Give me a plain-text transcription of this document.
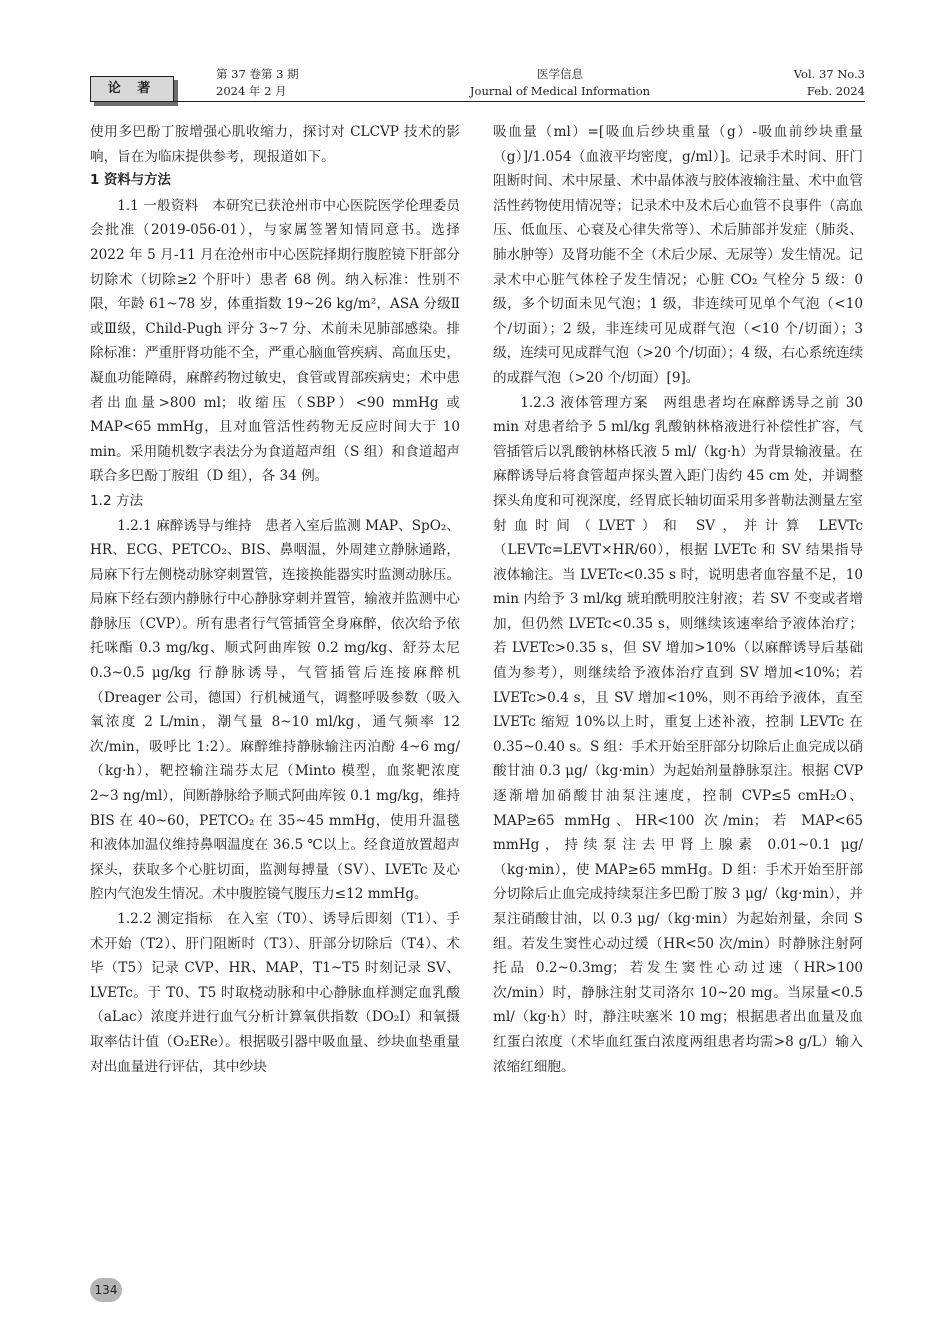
论 著
第 37 卷第 3 期
2024 年 2 月
医学信息
Journal of Medical Information
Vol. 37 No.3
Feb. 2024

使用多巴酚丁胺增强心肌收缩力，探讨对 CLCVP 技术的影响，旨在为临床提供参考，现报道如下。

1 资料与方法

1.1 一般资料　本研究已获沧州市中心医院医学伦理委员会批准（2019-056-01），与家属签署知情同意书。选择 2022 年 5 月-11 月在沧州市中心医院择期行腹腔镜下肝部分切除术（切除≥2 个肝叶）患者 68 例。纳入标准：性别不限，年龄 61~78 岁，体重指数 19~26 kg/m²，ASA 分级Ⅱ或Ⅲ级，Child-Pugh 评分 3~7 分、术前未见肺部感染。排除标准：严重肝肾功能不全，严重心脑血管疾病、高血压史，凝血功能障碍，麻醉药物过敏史，食管或胃部疾病史；术中患者出血量>800 ml；收缩压（SBP）<90 mmHg 或 MAP<65 mmHg，且对血管活性药物无反应时间大于 10 min。采用随机数字表法分为食道超声组（S 组）和食道超声联合多巴酚丁胺组（D 组），各 34 例。

1.2 方法

1.2.1 麻醉诱导与维持　患者入室后监测 MAP、SpO₂、HR、ECG、PETCO₂、BIS、鼻咽温，外周建立静脉通路，局麻下行左侧桡动脉穿刺置管，连接换能器实时监测动脉压。局麻下经右颈内静脉行中心静脉穿刺并置管，输液并监测中心静脉压（CVP）。所有患者行气管插管全身麻醉，依次给予依托咪酯 0.3 mg/kg、顺式阿曲库铵 0.2 mg/kg、舒芬太尼 0.3~0.5 μg/kg 行静脉诱导，气管插管后连接麻醉机（Dreager 公司，德国）行机械通气，调整呼吸参数（吸入氧浓度 2 L/min，潮气量 8~10 ml/kg，通气频率 12 次/min，吸呼比 1:2）。麻醉维持静脉输注丙泊酚 4~6 mg/（kg·h），靶控输注瑞芬太尼（Minto 模型，血浆靶浓度 2~3 ng/ml），间断静脉给予顺式阿曲库铵 0.1 mg/kg，维持 BIS 在 40~60，PETCO₂ 在 35~45 mmHg，使用升温毯和液体加温仪维持鼻咽温度在 36.5 ℃以上。经食道放置超声探头，获取多个心脏切面，监测每搏量（SV）、LVETc 及心腔内气泡发生情况。术中腹腔镜气腹压力≤12 mmHg。

1.2.2 测定指标　在入室（T0）、诱导后即刻（T1）、手术开始（T2）、肝门阻断时（T3）、肝部分切除后（T4）、术毕（T5）记录 CVP、HR、MAP，T1~T5 时刻记录 SV、LVETc。于 T0、T5 时取桡动脉和中心静脉血样测定血乳酸（aLac）浓度并进行血气分析计算氧供指数（DO₂I）和氧摄取率估计值（O₂ERe）。根据吸引器中吸血量、纱块血垫重量对出血量进行评估，其中纱块

吸血量（ml）=[吸血后纱块重量（g）-吸血前纱块重量（g）]/1.054（血液平均密度，g/ml）]。记录手术时间、肝门阻断时间、术中尿量、术中晶体液与胶体液输注量、术中血管活性药物使用情况等；记录术中及术后心血管不良事件（高血压、低血压、心衰及心律失常等）、术后肺部并发症（肺炎、肺水肿等）及肾功能不全（术后少尿、无尿等）发生情况。记录术中心脏气体栓子发生情况；心脏 CO₂ 气栓分 5 级：0 级，多个切面未见气泡；1 级，非连续可见单个气泡（<10 个/切面）；2 级，非连续可见成群气泡（<10 个/切面）；3 级，连续可见成群气泡（>20 个/切面）；4 级，右心系统连续的成群气泡（>20 个/切面）[9]。

1.2.3 液体管理方案　两组患者均在麻醉诱导之前 30 min 对患者给予 5 ml/kg 乳酸钠林格液进行补偿性扩容，气管插管后以乳酸钠林格氏液 5 ml/（kg·h）为背景输液量。在麻醉诱导后将食管超声探头置入距门齿约 45 cm 处，并调整探头角度和可视深度，经胃底长轴切面采用多普勒法测量左室射血时间（LVET）和 SV，并计算 LEVTc（LEVTc=LEVT×HR/60），根据 LVETc 和 SV 结果指导液体输注。当 LVETc<0.35 s 时，说明患者血容量不足，10 min 内给予 3 ml/kg 琥珀酰明胶注射液；若 SV 不变或者增加，但仍然 LVETc<0.35 s，则继续该速率给予液体治疗；若 LVETc>0.35 s，但 SV 增加>10%（以麻醉诱导后基础值为参考），则继续给予液体治疗直到 SV 增加<10%；若 LVETc>0.4 s，且 SV 增加<10%，则不再给予液体，直至 LVETc 缩短 10%以上时，重复上述补液，控制 LEVTc 在 0.35~0.40 s。S 组：手术开始至肝部分切除后止血完成以硝酸甘油 0.3 μg/（kg·min）为起始剂量静脉泵注。根据 CVP 逐渐增加硝酸甘油泵注速度，控制 CVP≤5 cmH₂O、MAP≥65 mmHg、HR<100 次/min；若 MAP<65 mmHg，持续泵注去甲肾上腺素 0.01~0.1 μg/（kg·min），使 MAP≥65 mmHg。D 组：手术开始至肝部分切除后止血完成持续泵注多巴酚丁胺 3 μg/（kg·min），并泵注硝酸甘油，以 0.3 μg/（kg·min）为起始剂量，余同 S 组。若发生窦性心动过缓（HR<50 次/min）时静脉注射阿托品 0.2~0.3mg；若发生窦性心动过速（HR>100 次/min）时，静脉注射艾司洛尔 10~20 mg。当尿量<0.5 ml/（kg·h）时，静注呋塞米 10 mg；根据患者出血量及血红蛋白浓度（术毕血红蛋白浓度两组患者均需>8 g/L）输入浓缩红细胞。

134
